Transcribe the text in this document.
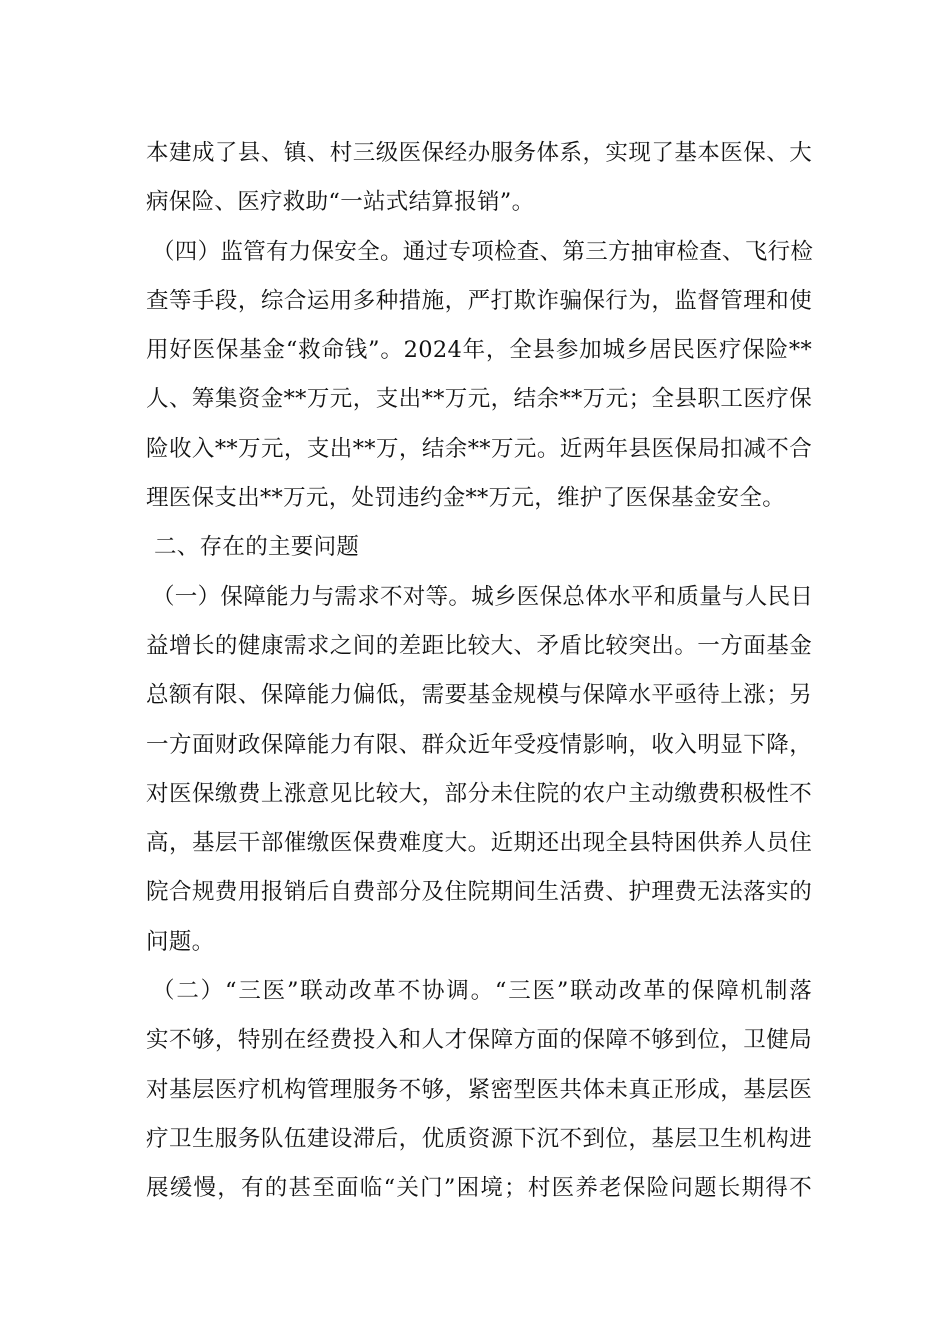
本建成了县、镇、村三级医保经办服务体系，实现了基本医保、大
病保险、医疗救助“一站式结算报销”。
（四）监管有力保安全。通过专项检查、第三方抽审检查、飞行检
查等手段，综合运用多种措施，严打欺诈骗保行为，监督管理和使
用好医保基金“救命钱”。2024年，全县参加城乡居民医疗保险**
人、筹集资金**万元，支出**万元，结余**万元；全县职工医疗保
险收入**万元，支出**万，结余**万元。近两年县医保局扣减不合
理医保支出**万元，处罚违约金**万元，维护了医保基金安全。
二、存在的主要问题
（一）保障能力与需求不对等。城乡医保总体水平和质量与人民日
益增长的健康需求之间的差距比较大、矛盾比较突出。一方面基金
总额有限、保障能力偏低，需要基金规模与保障水平亟待上涨；另
一方面财政保障能力有限、群众近年受疫情影响，收入明显下降，
对医保缴费上涨意见比较大，部分未住院的农户主动缴费积极性不
高，基层干部催缴医保费难度大。近期还出现全县特困供养人员住
院合规费用报销后自费部分及住院期间生活费、护理费无法落实的
问题。
（二）“三医”联动改革不协调。“三医”联动改革的保障机制落
实不够，特别在经费投入和人才保障方面的保障不够到位，卫健局
对基层医疗机构管理服务不够，紧密型医共体未真正形成，基层医
疗卫生服务队伍建设滞后，优质资源下沉不到位，基层卫生机构进
展缓慢，有的甚至面临“关门”困境；村医养老保险问题长期得不
